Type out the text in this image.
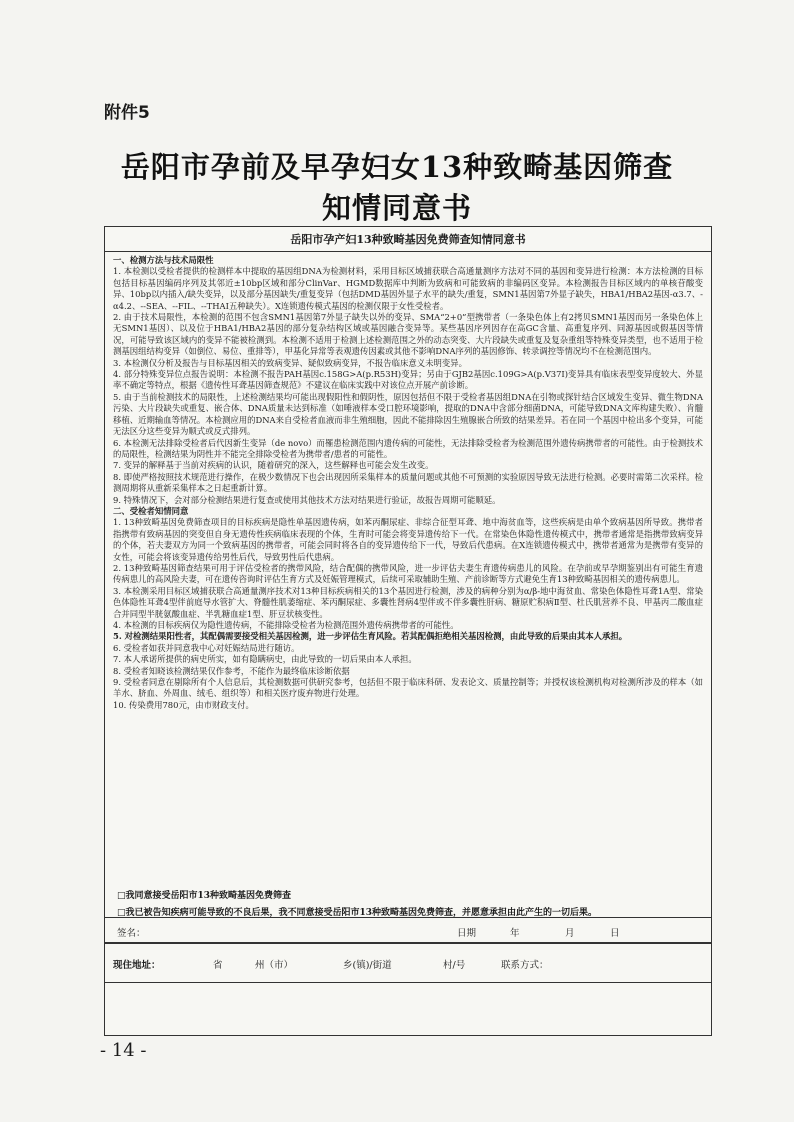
附件5
岳阳市孕前及早孕妇女13种致畸基因筛查
知情同意书
岳阳市孕产妇13种致畸基因免费筛查知情同意书

一、检测方法与技术局限性

1. 本检测以受检者提供的检测样本中提取的基因组DNA为检测材料，采用目标区域捕获联合高通量测序方法对不同的基因和变异进行检测：本方法检测的目标包括目标基因编码序列及其邻近±10bp区域和部分ClinVar、HGMD数据库中判断为致病和可能致病的非编码区变异。本检测报告目标区域内的单核苷酸变异、10bp以内插入/缺失变异，以及部分基因缺失/重复变异（包括DMD基因外显子水平的缺失/重复，SMN1基因第7外显子缺失，HBA1/HBA2基因-α3.7、-α4.2、--SEA、--FIL、--THAI五种缺失）。X连锁遗传模式基因的检测仅限于女性受检者。

2. 由于技术局限性，本检测的范围不包含SMN1基因第7外显子缺失以外的变异、SMA“2+0”型携带者（一条染色体上有2拷贝SMN1基因而另一条染色体上无SMN1基因）、以及位于HBA1/HBA2基因的部分复杂结构区域或基因融合变异等。某些基因序列因存在高GC含量、高重复序列、同源基因或假基因等情况，可能导致该区域内的变异不能被检测到。本检测不适用于检测上述检测范围之外的动态突变、大片段缺失或重复及复杂重组等特殊变异类型，也不适用于检测基因组结构变异（如倒位、易位、重排等），甲基化异常等表观遗传因素或其他不影响DNA序列的基因修饰、转录调控等情况均不在检测范围内。

3. 本检测仅分析及报告与目标基因相关的致病变异、疑似致病变异，不报告临床意义未明变异。

4. 部分特殊变异位点报告说明：本检测不报告PAH基因c.158G>A(p.R53H)变异；另由于GJB2基因c.109G>A(p.V37I)变异具有临床表型变异度较大、外显率不确定等特点，根据《遗传性耳聋基因筛查规范》不建议在临床实践中对该位点开展产前诊断。

5. 由于当前检测技术的局限性，上述检测结果均可能出现假阳性和假阴性，原因包括但不限于受检者基因组DNA在引物或探针结合区域发生变异、微生物DNA污染、大片段缺失或重复、嵌合体、DNA质量未达到标准（如唾液样本受口腔环境影响，提取的DNA中含部分细菌DNA，可能导致DNA文库构建失败）、肯髓移植、近期输血等情况。本检测应用的DNA来自受检者血液而非生殖细胞，因此不能排除因生殖腺嵌合所致的结果差异。若在同一个基因中检出多个变异，可能无法区分这些变异为顺式或反式排列。

6. 本检测无法排除受检者后代因新生变异（de novo）而罹患检测范围内遗传病的可能性，无法排除受检者为检测范围外遗传病携带者的可能性。由于检测技术的局限性，检测结果为阴性并不能完全排除受检者为携带者/患者的可能性。

7. 变异的解释基于当前对疾病的认识，随着研究的深入，这些解释也可能会发生改变。

8. 即使严格按照技术规范进行操作，在极少数情况下也会出现因所采集样本的质量问题或其他不可预测的实验原因导致无法进行检测。必要时需第二次采样。检测周期将从重新采集样本之日起重新计算。

9. 特殊情况下，会对部分检测结果进行复查或使用其他技术方法对结果进行验证，故报告周期可能顺延。

二、受检者知情同意

1. 13种致畸基因免费筛查项目的目标疾病是隐性单基因遗传病，如苯丙酮尿症、非综合征型耳聋、地中海贫血等，这些疾病是由单个致病基因所导致。携带者指携带有致病基因的突变但自身无遗传性疾病临床表现的个体，生育时可能会将变异遗传给下一代。在常染色体隐性遗传模式中，携带者通常是指携带致病变异的个体，若夫妻双方为同一个致病基因的携带者，可能会同时将各自的变异遗传给下一代，导致后代患病。在X连锁遗传模式中，携带者通常为是携带有变异的女性，可能会将该变异遗传给男性后代，导致男性后代患病。

2. 13种致畸基因筛查结果可用于评估受检者的携带风险，结合配偶的携带风险，进一步评估夫妻生育遗传病患儿的风险。在孕前或早孕期鉴别出有可能生育遗传病患儿的高风险夫妻，可在遗传咨询时评估生育方式及妊娠管理模式，后续可采取辅助生殖、产前诊断等方式避免生育13种致畸基因相关的遗传病患儿。

3. 本检测采用目标区域捕获联合高通量测序技术对13种目标疾病相关的13个基因进行检测，涉及的病种分别为α/β-地中海贫血、常染色体隐性耳聋1A型、常染色体隐性耳聋4型伴前庭导水管扩大、脊髓性肌萎缩症、苯丙酮尿症、多囊性肾病4型伴或不伴多囊性肝病、糖原贮积病Ⅱ型、杜氏肌营养不良、甲基丙二酸血症合并同型半胱氨酸血症、半乳糖血症1型、肝豆状核变性。

4. 本检测的目标疾病仅为隐性遗传病，不能排除受检者为检测范围外遗传病携带者的可能性。

5. 对检测结果阳性者，其配偶需要接受相关基因检测，进一步评估生育风险。若其配偶拒绝相关基因检测，由此导致的后果由其本人承担。

6. 受检者如获并同意我中心对妊娠结局进行随访。

7. 本人承诺所提供的病史所实，如有隐瞒病史，由此导致的一切后果由本人承担。

8. 受检者知晓该检测结果仅作参考，不能作为最终临床诊断依据

9. 受检者同意在剔除所有个人信息后，其检测数据可供研究参考，包括但不限于临床科研、发表论文、质量控制等；并授权该检测机构对检测所涉及的样本（如羊水、脐血、外周血、绒毛、组织等）和相关医疗废弃物进行处理。

10. 传染费用780元，由市财政支付。

□我同意接受岳阳市13种致畸基因免费筛查
□我已被告知疾病可能导致的不良后果，我不同意接受岳阳市13种致畸基因免费筛查，并愿意承担由此产生的一切后果。
签名：	日期	年	月	日
现住地址：	省	州（市）	乡(镇)/街道	村/号	联系方式：
- 14 -
